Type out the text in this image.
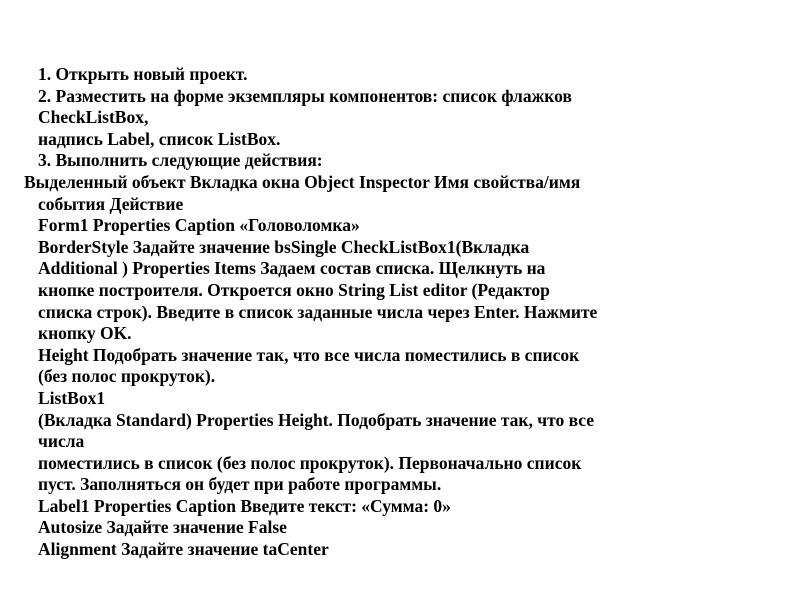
1. Открыть новый проект.
2. Разместить на форме экземпляры компонентов: список флажков
CheckListBox,
надпись Label, список ListBox.
3. Выполнить следующие действия:
Выделенный объект Вкладка окна Object Inspector Имя свойства/имя
события Действие
Form1 Properties Caption «Головоломка»
BorderStyle Задайте значение bsSingle CheckListBox1(Вкладка
Additional ) Properties Items Задаем состав списка. Щелкнуть на
кнопке построителя. Откроется окно String List editor (Редактор
списка строк). Введите в список заданные числа через Enter. Нажмите
кнопку OK.
Height Подобрать значение так, что все числа поместились в список
(без полос прокруток).
ListBox1
(Вкладка Standard) Properties Height. Подобрать значение так, что все
числа
поместились в список (без полос прокруток). Первоначально список
пуст. Заполняться он будет при работе программы.
Label1 Properties Caption Введите текст: «Сумма: 0»
Autosize Задайте значение False
Alignment Задайте значение taCenter
